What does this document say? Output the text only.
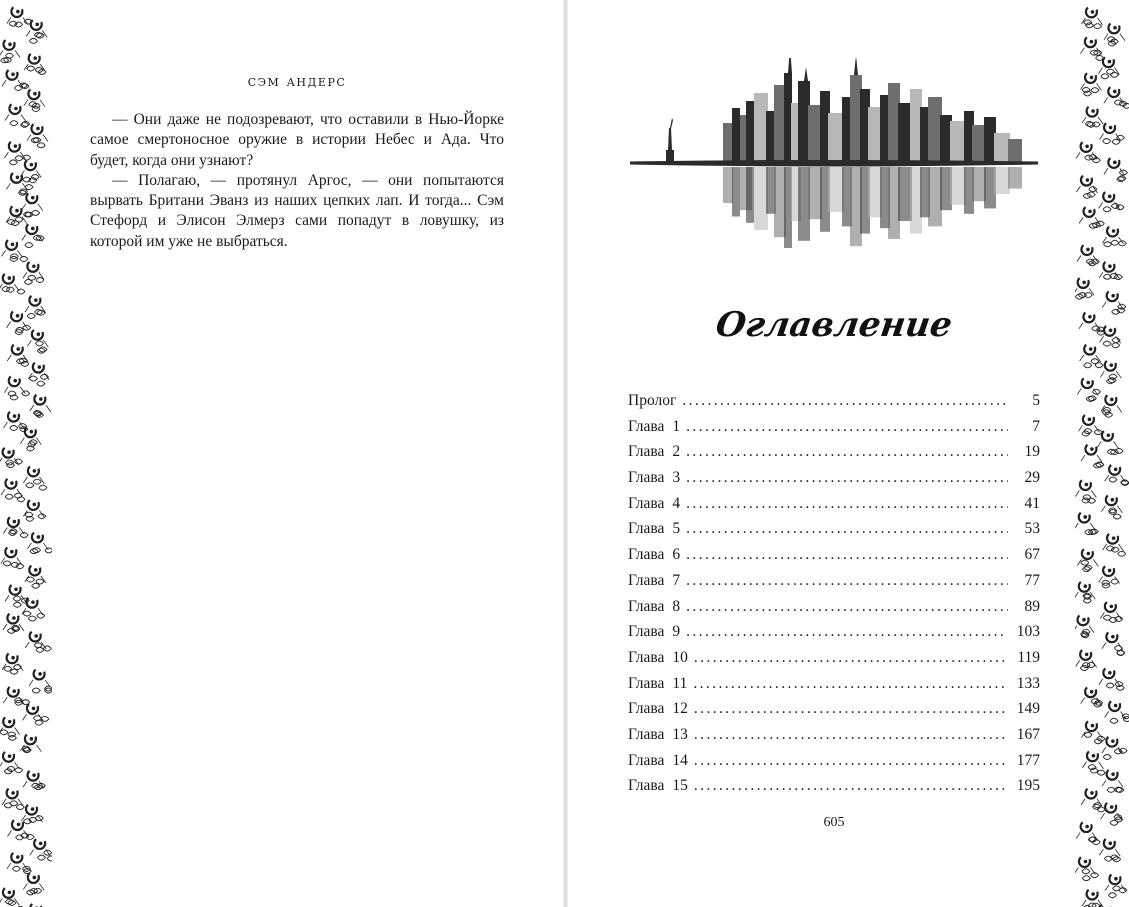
сэм андерс

— Они даже не подозревают, что оставили в Нью-Йорке самое смертоносное оружие в истории Небес и Ада. Что будет, когда они узнают?

— Полагаю, — протянул Аргос, — они попытаются вырвать Британи Эванз из наших цепких лап. И тогда... Сэм Стефорд и Элисон Элмерз сами попадут в ловушку, из которой им уже не выбраться.

Оглавление
Пролог .....	5
Глава 1 .....	7
Глава 2 .....	19
Глава 3 .....	29
Глава 4 .....	41
Глава 5 .....	53
Глава 6 .....	67
Глава 7 .....	77
Глава 8 .....	89
Глава 9 .....	103
Глава 10 .....	119
Глава 11 .....	133
Глава 12 .....	149
Глава 13 .....	167
Глава 14 .....	177
Глава 15 .....	195
605
